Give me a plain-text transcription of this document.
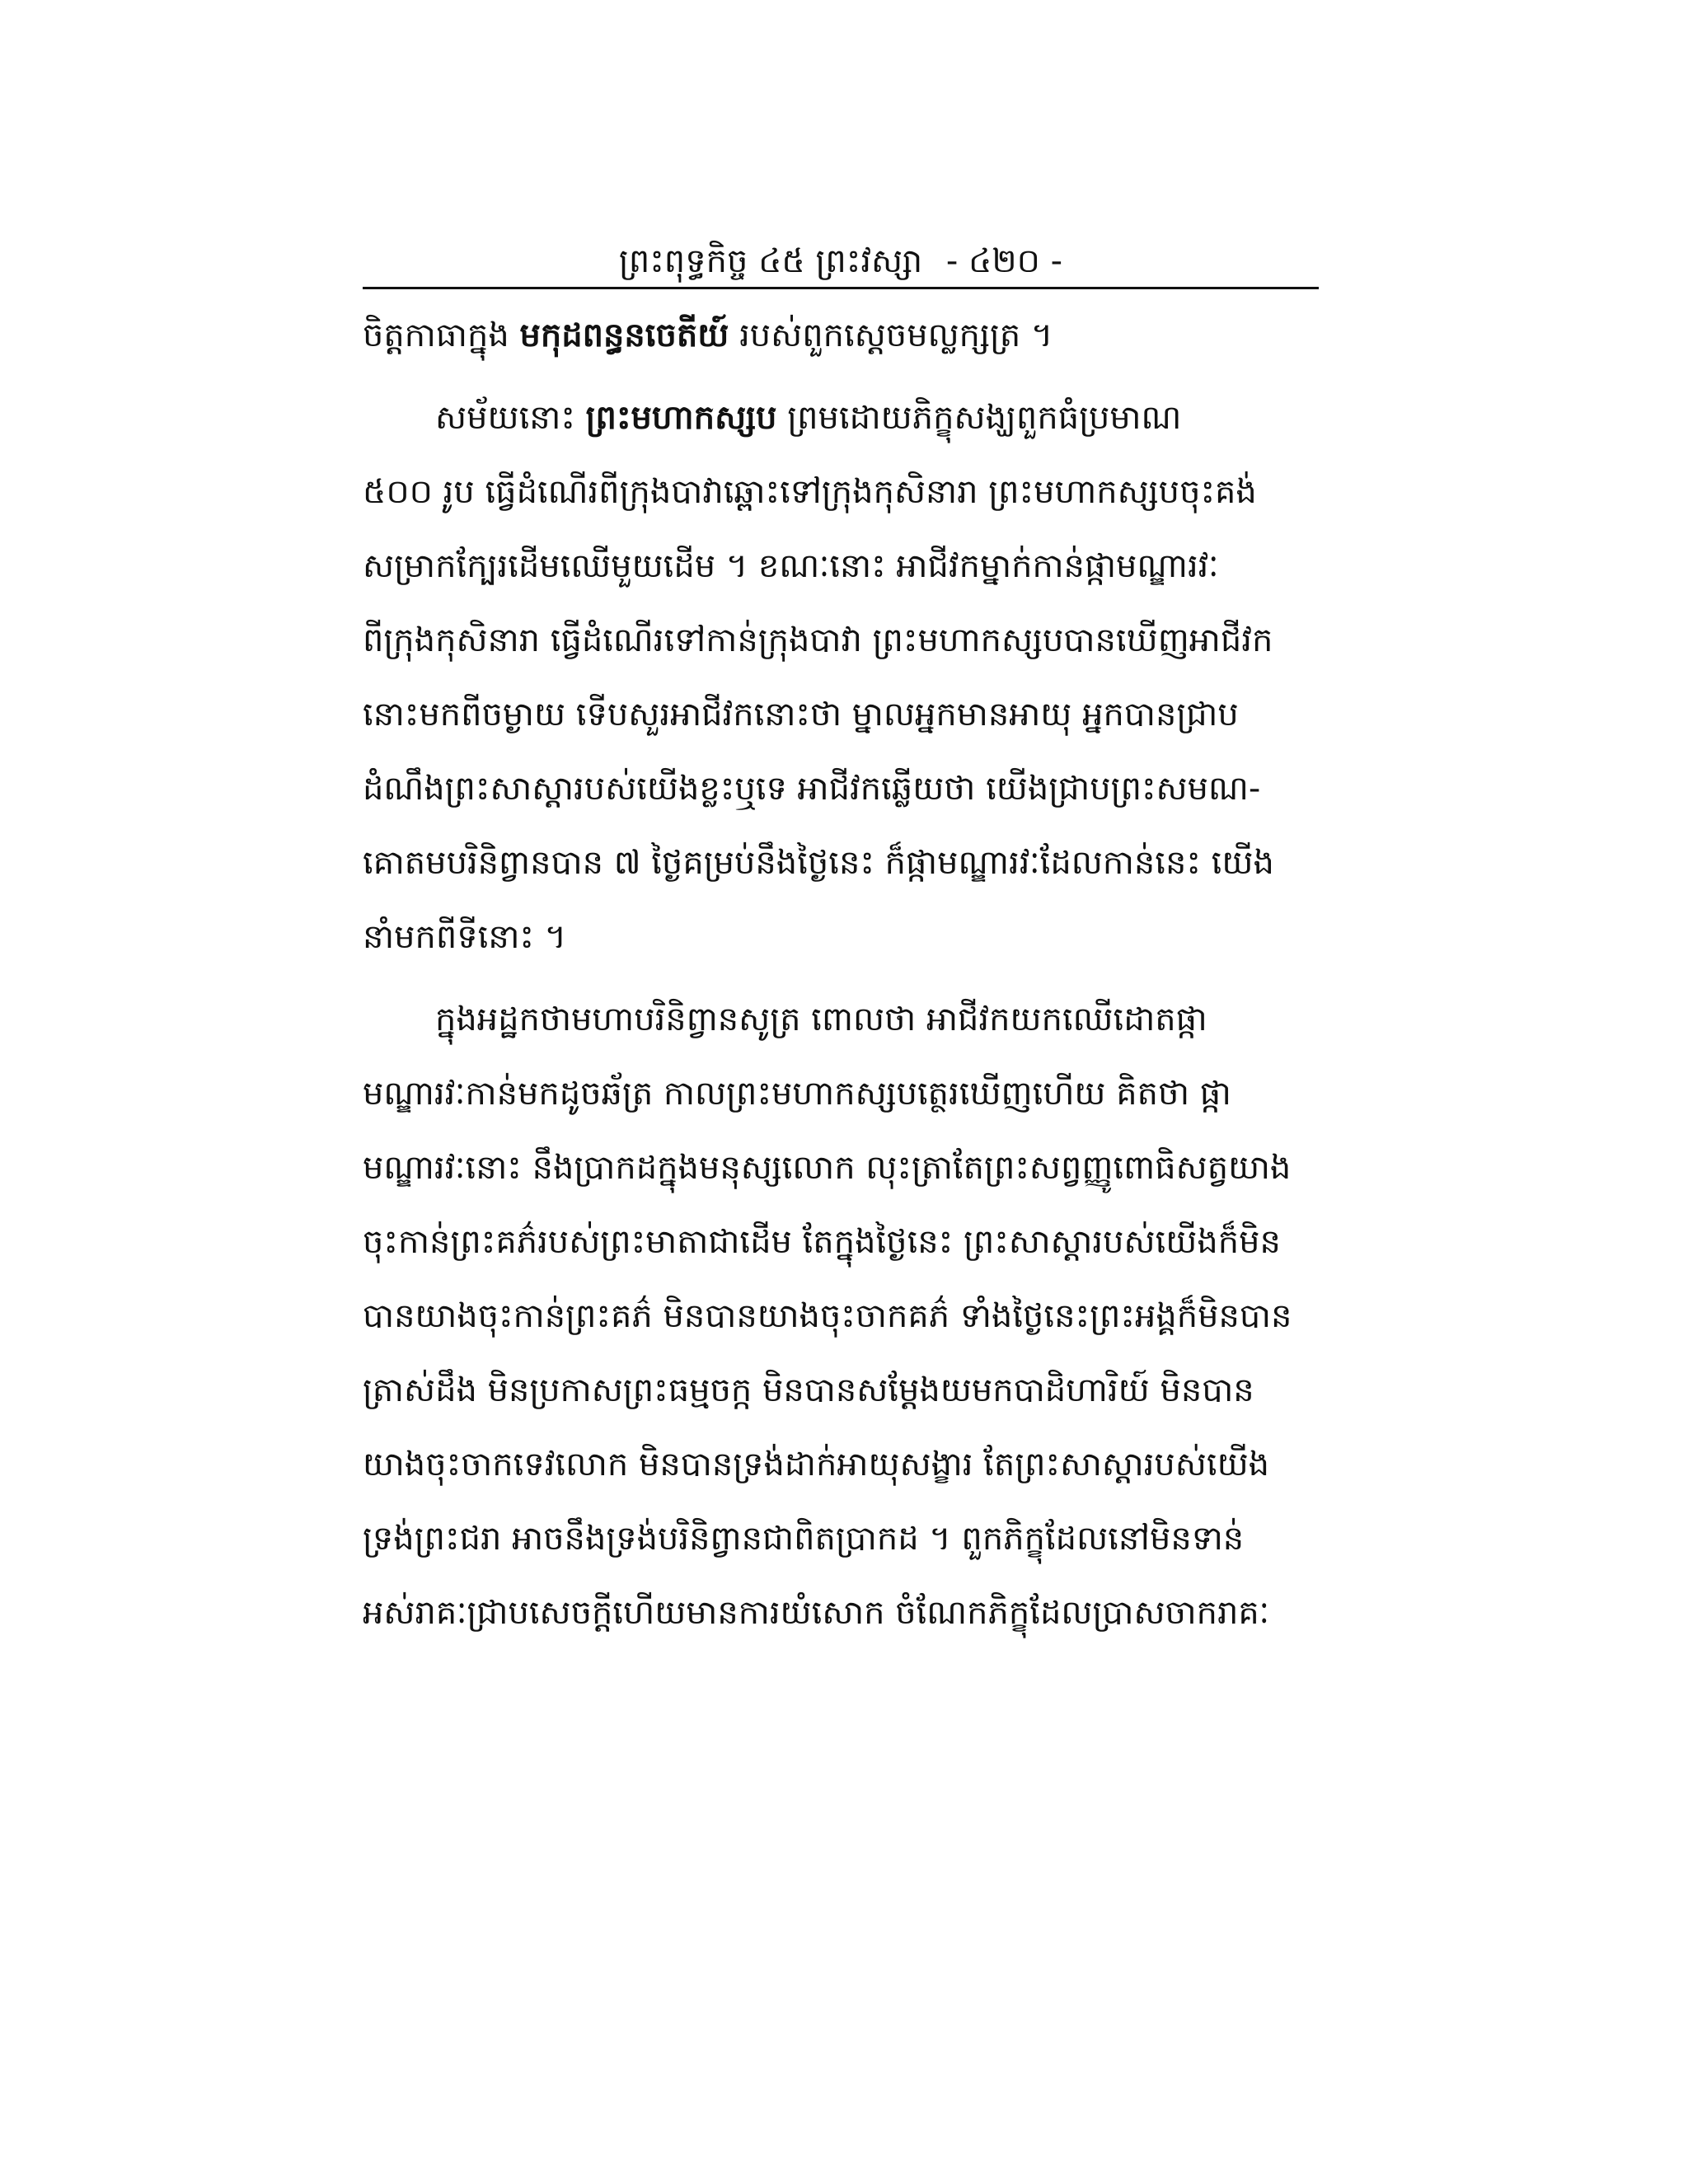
ព្រះពុទ្ធកិច្ច ៤៥ ព្រះវស្សា - ៤២០ -
ចិត្តកាធាក្នុង មកុដពន្ធនចេតីយ៍ របស់ពួកស្តេចមល្លក្សត្រ ។
សម័យនោះ ព្រះមហាកស្សប ព្រមដោយភិក្ខុសង្ឃពួកធំប្រមាណ
៥០០ រូប ធ្វើដំណើរពីក្រុងបាវាឆ្ពោះទៅក្រុងកុសិនារា ព្រះមហាកស្សបចុះគង់
សម្រាកក្បែរដើមឈើមួយដើម ។ ខណៈនោះ អាជីវកម្នាក់កាន់ផ្កាមណ្ឌារវៈ
ពីក្រុងកុសិនារា ធ្វើដំណើរទៅកាន់ក្រុងបាវា ព្រះមហាកស្សបបានឃើញអាជីវក
នោះមកពីចម្ងាយ ទើបសួរអាជីវកនោះថា ម្នាលអ្នកមានអាយុ អ្នកបានជ្រាប
ដំណឹងព្រះសាស្តារបស់យើងខ្លះឬទេ អាជីវកឆ្លើយថា យើងជ្រាបព្រះសមណ-
គោតមបរិនិព្វានបាន ៧ ថ្ងៃគម្រប់នឹងថ្ងៃនេះ ក៏ផ្កាមណ្ឌារវៈដែលកាន់នេះ យើង
នាំមកពីទីនោះ ។
ក្នុងអដ្ឋកថាមហាបរិនិព្វានសូត្រ ពោលថា អាជីវកយកឈើដោតផ្កា
មណ្ឌារវៈកាន់មកដូចឆ័ត្រ កាលព្រះមហាកស្សបត្ថេរឃើញហើយ គិតថា ផ្កា
មណ្ឌារវៈនោះ នឹងប្រាកដក្នុងមនុស្សលោក លុះត្រាតែព្រះសព្វញ្ញូពោធិសត្វយាង
ចុះកាន់ព្រះគភ៌របស់ព្រះមាតាជាដើម តែក្នុងថ្ងៃនេះ ព្រះសាស្តារបស់យើងក៏មិន
បានយាងចុះកាន់ព្រះគភ៌ មិនបានយាងចុះចាកគភ៌ ទាំងថ្ងៃនេះព្រះអង្គក៏មិនបាន
ត្រាស់ដឹង មិនប្រកាសព្រះធម្មចក្ក មិនបានសម្តែងយមកបាដិហារិយ៍ មិនបាន
យាងចុះចាកទេវលោក មិនបានទ្រង់ដាក់អាយុសង្ខារ តែព្រះសាស្តារបស់យើង
ទ្រង់ព្រះជរា អាចនឹងទ្រង់បរិនិព្វានជាពិតប្រាកដ ។ ពួកភិក្ខុដែលនៅមិនទាន់
អស់រាគៈជ្រាបសេចក្តីហើយមានការយំសោក ចំណែកភិក្ខុដែលប្រាសចាករាគៈ
